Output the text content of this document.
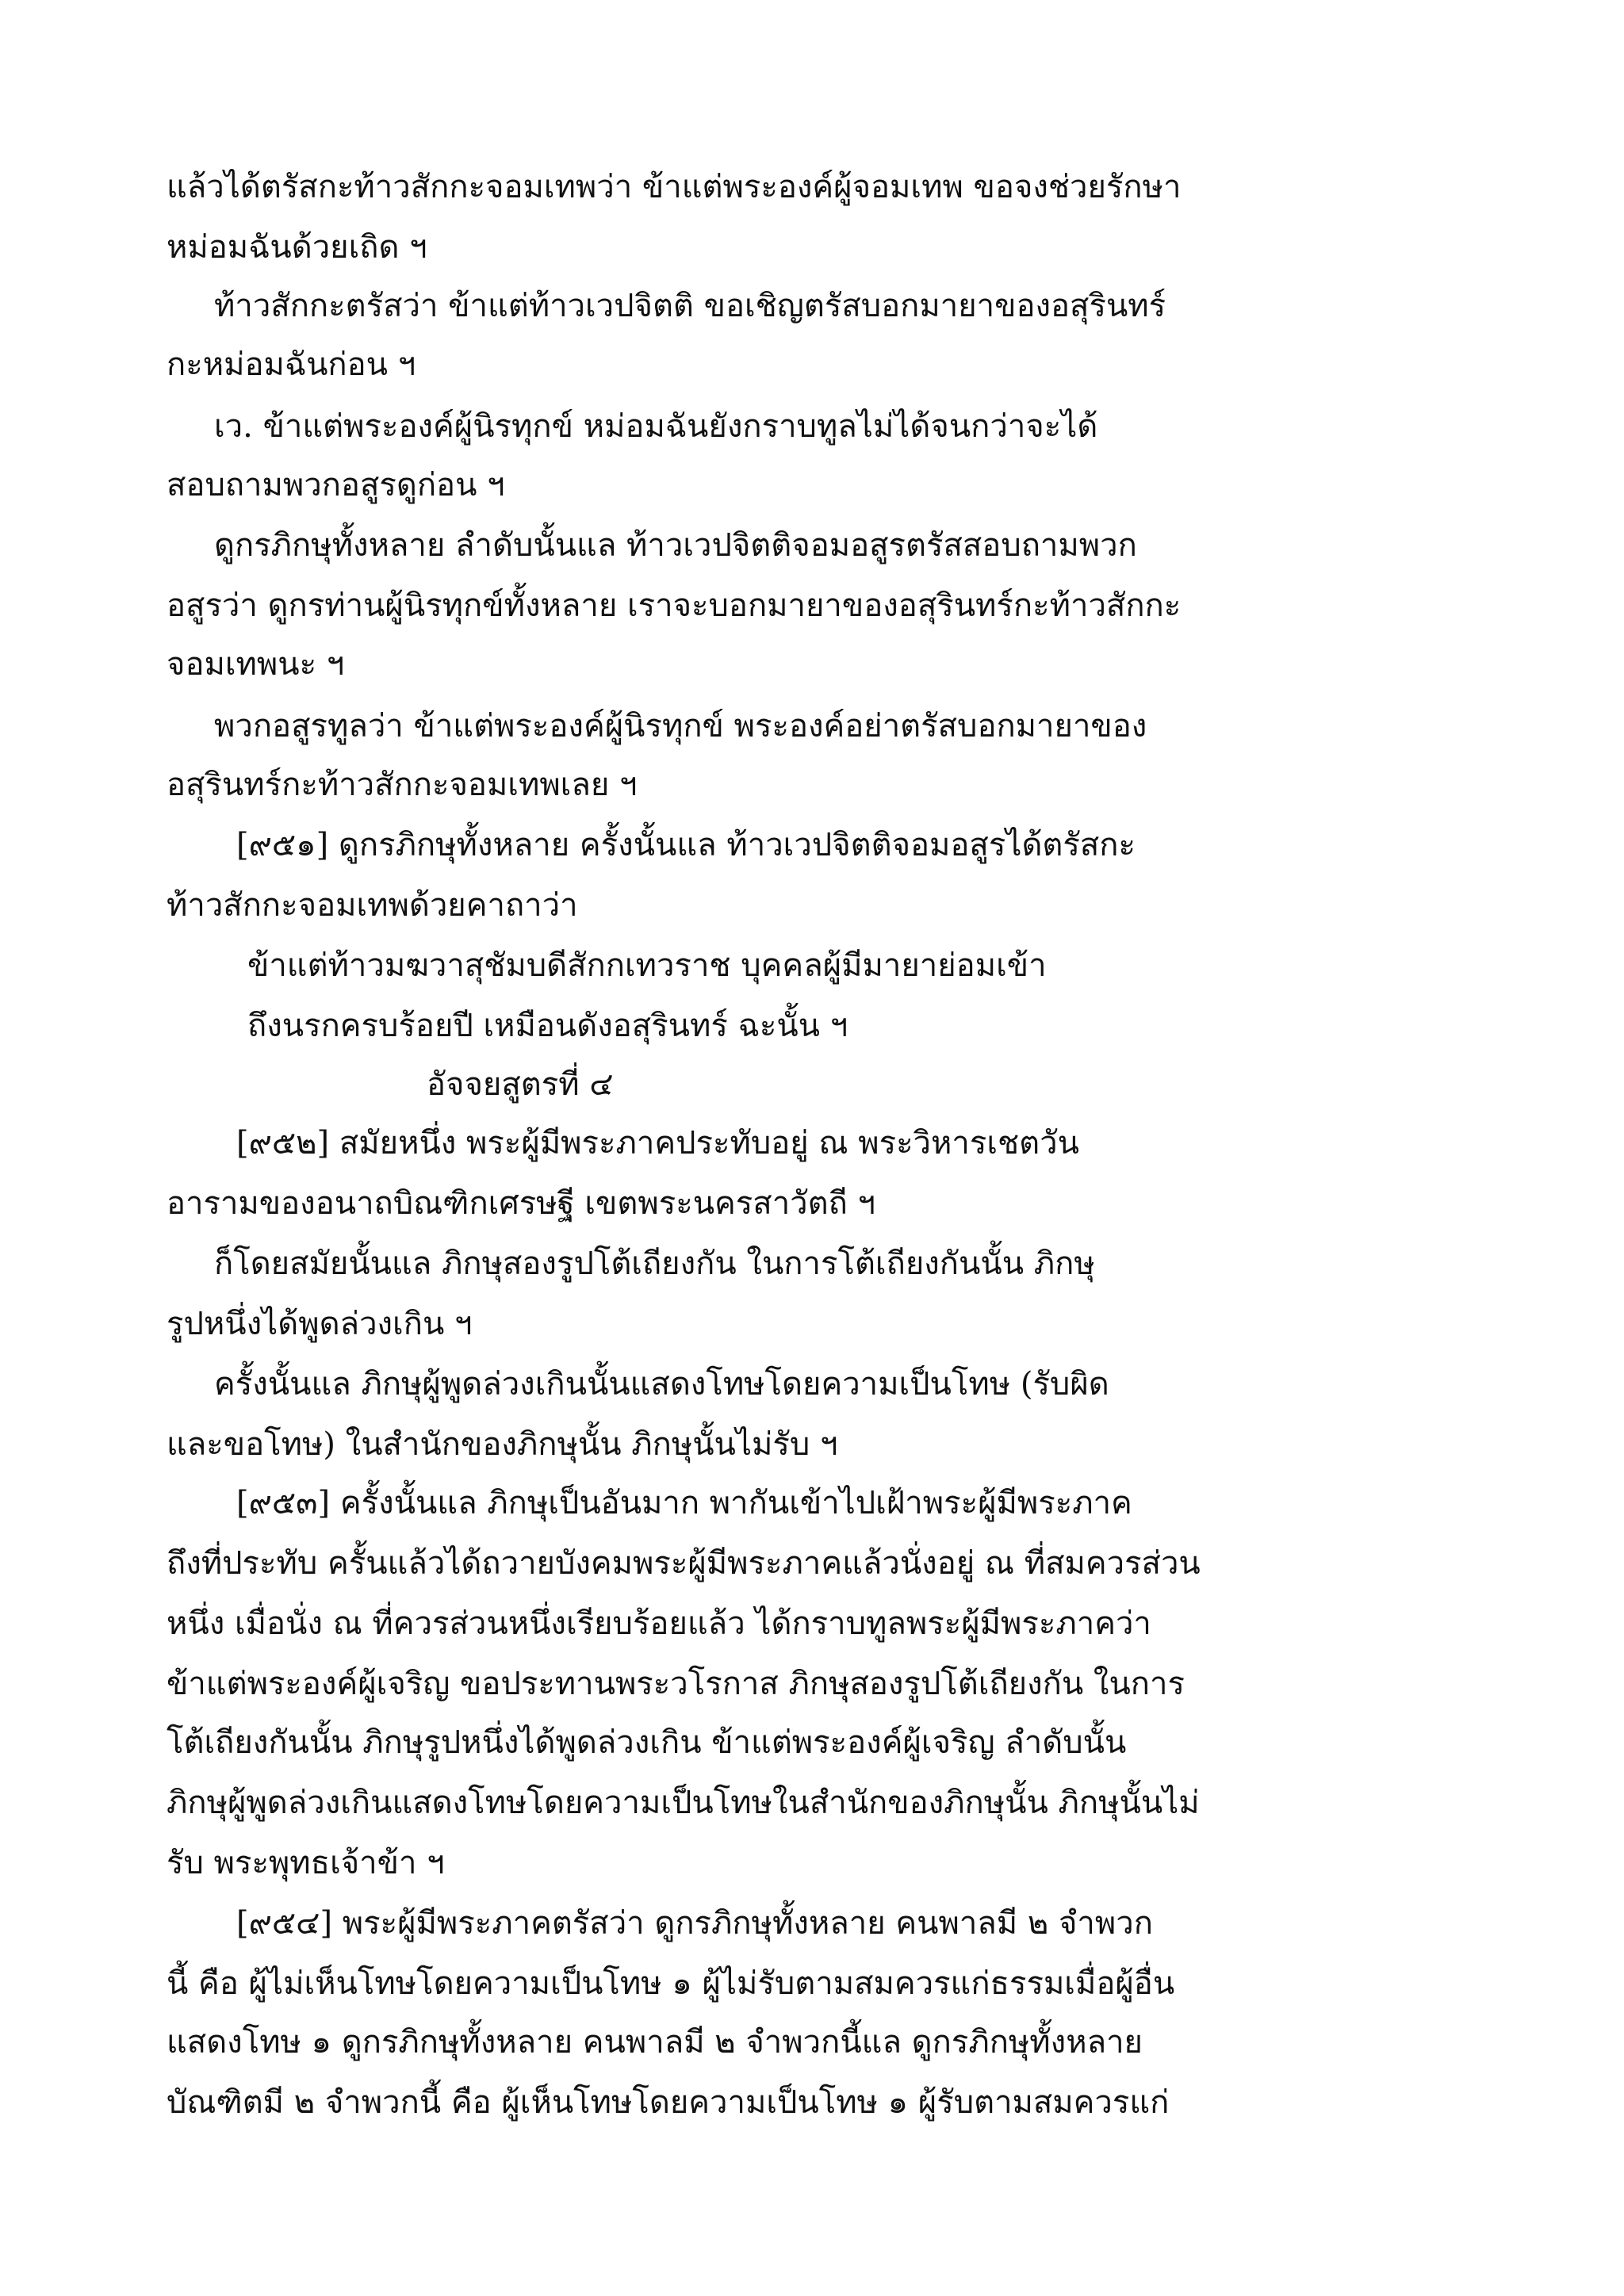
แล้วได้ตรัสกะท้าวสักกะจอมเทพว่า ข้าแต่พระองค์ผู้จอมเทพ ขอจงช่วยรักษา
หม่อมฉันด้วยเถิด ฯ
ท้าวสักกะตรัสว่า ข้าแต่ท้าวเวปจิตติ ขอเชิญตรัสบอกมายาของอสุรินทร์
กะหม่อมฉันก่อน ฯ
เว. ข้าแต่พระองค์ผู้นิรทุกข์ หม่อมฉันยังกราบทูลไม่ได้จนกว่าจะได้
สอบถามพวกอสูรดูก่อน ฯ
ดูกรภิกษุทั้งหลาย ลำดับนั้นแล ท้าวเวปจิตติจอมอสูรตรัสสอบถามพวก
อสูรว่า ดูกรท่านผู้นิรทุกข์ทั้งหลาย เราจะบอกมายาของอสุรินทร์กะท้าวสักกะ
จอมเทพนะ ฯ
พวกอสูรทูลว่า ข้าแต่พระองค์ผู้นิรทุกข์ พระองค์อย่าตรัสบอกมายาของ
อสุรินทร์กะท้าวสักกะจอมเทพเลย ฯ
[๙๕๑] ดูกรภิกษุทั้งหลาย ครั้งนั้นแล ท้าวเวปจิตติจอมอสูรได้ตรัสกะ
ท้าวสักกะจอมเทพด้วยคาถาว่า
ข้าแต่ท้าวมฆวาสุชัมบดีสักกเทวราช บุคคลผู้มีมายาย่อมเข้า
ถึงนรกครบร้อยปี เหมือนดังอสุรินทร์ ฉะนั้น ฯ
อัจจยสูตรที่ ๔
[๙๕๒] สมัยหนึ่ง พระผู้มีพระภาคประทับอยู่ ณ พระวิหารเชตวัน
อารามของอนาถบิณฑิกเศรษฐี เขตพระนครสาวัตถี ฯ
ก็โดยสมัยนั้นแล ภิกษุสองรูปโต้เถียงกัน ในการโต้เถียงกันนั้น ภิกษุ
รูปหนึ่งได้พูดล่วงเกิน ฯ
ครั้งนั้นแล ภิกษุผู้พูดล่วงเกินนั้นแสดงโทษโดยความเป็นโทษ (รับผิด
และขอโทษ) ในสำนักของภิกษุนั้น ภิกษุนั้นไม่รับ ฯ
[๙๕๓] ครั้งนั้นแล ภิกษุเป็นอันมาก พากันเข้าไปเฝ้าพระผู้มีพระภาค
ถึงที่ประทับ ครั้นแล้วได้ถวายบังคมพระผู้มีพระภาคแล้วนั่งอยู่ ณ ที่สมควรส่วน
หนึ่ง เมื่อนั่ง ณ ที่ควรส่วนหนึ่งเรียบร้อยแล้ว ได้กราบทูลพระผู้มีพระภาคว่า
ข้าแต่พระองค์ผู้เจริญ ขอประทานพระวโรกาส ภิกษุสองรูปโต้เถียงกัน ในการ
โต้เถียงกันนั้น ภิกษุรูปหนึ่งได้พูดล่วงเกิน ข้าแต่พระองค์ผู้เจริญ ลำดับนั้น
ภิกษุผู้พูดล่วงเกินแสดงโทษโดยความเป็นโทษในสำนักของภิกษุนั้น ภิกษุนั้นไม่
รับ พระพุทธเจ้าข้า ฯ
[๙๕๔] พระผู้มีพระภาคตรัสว่า ดูกรภิกษุทั้งหลาย คนพาลมี ๒ จำพวก
นี้ คือ ผู้ไม่เห็นโทษโดยความเป็นโทษ ๑ ผู้ไม่รับตามสมควรแก่ธรรมเมื่อผู้อื่น
แสดงโทษ ๑ ดูกรภิกษุทั้งหลาย คนพาลมี ๒ จำพวกนี้แล ดูกรภิกษุทั้งหลาย
บัณฑิตมี ๒ จำพวกนี้ คือ ผู้เห็นโทษโดยความเป็นโทษ ๑ ผู้รับตามสมควรแก่
